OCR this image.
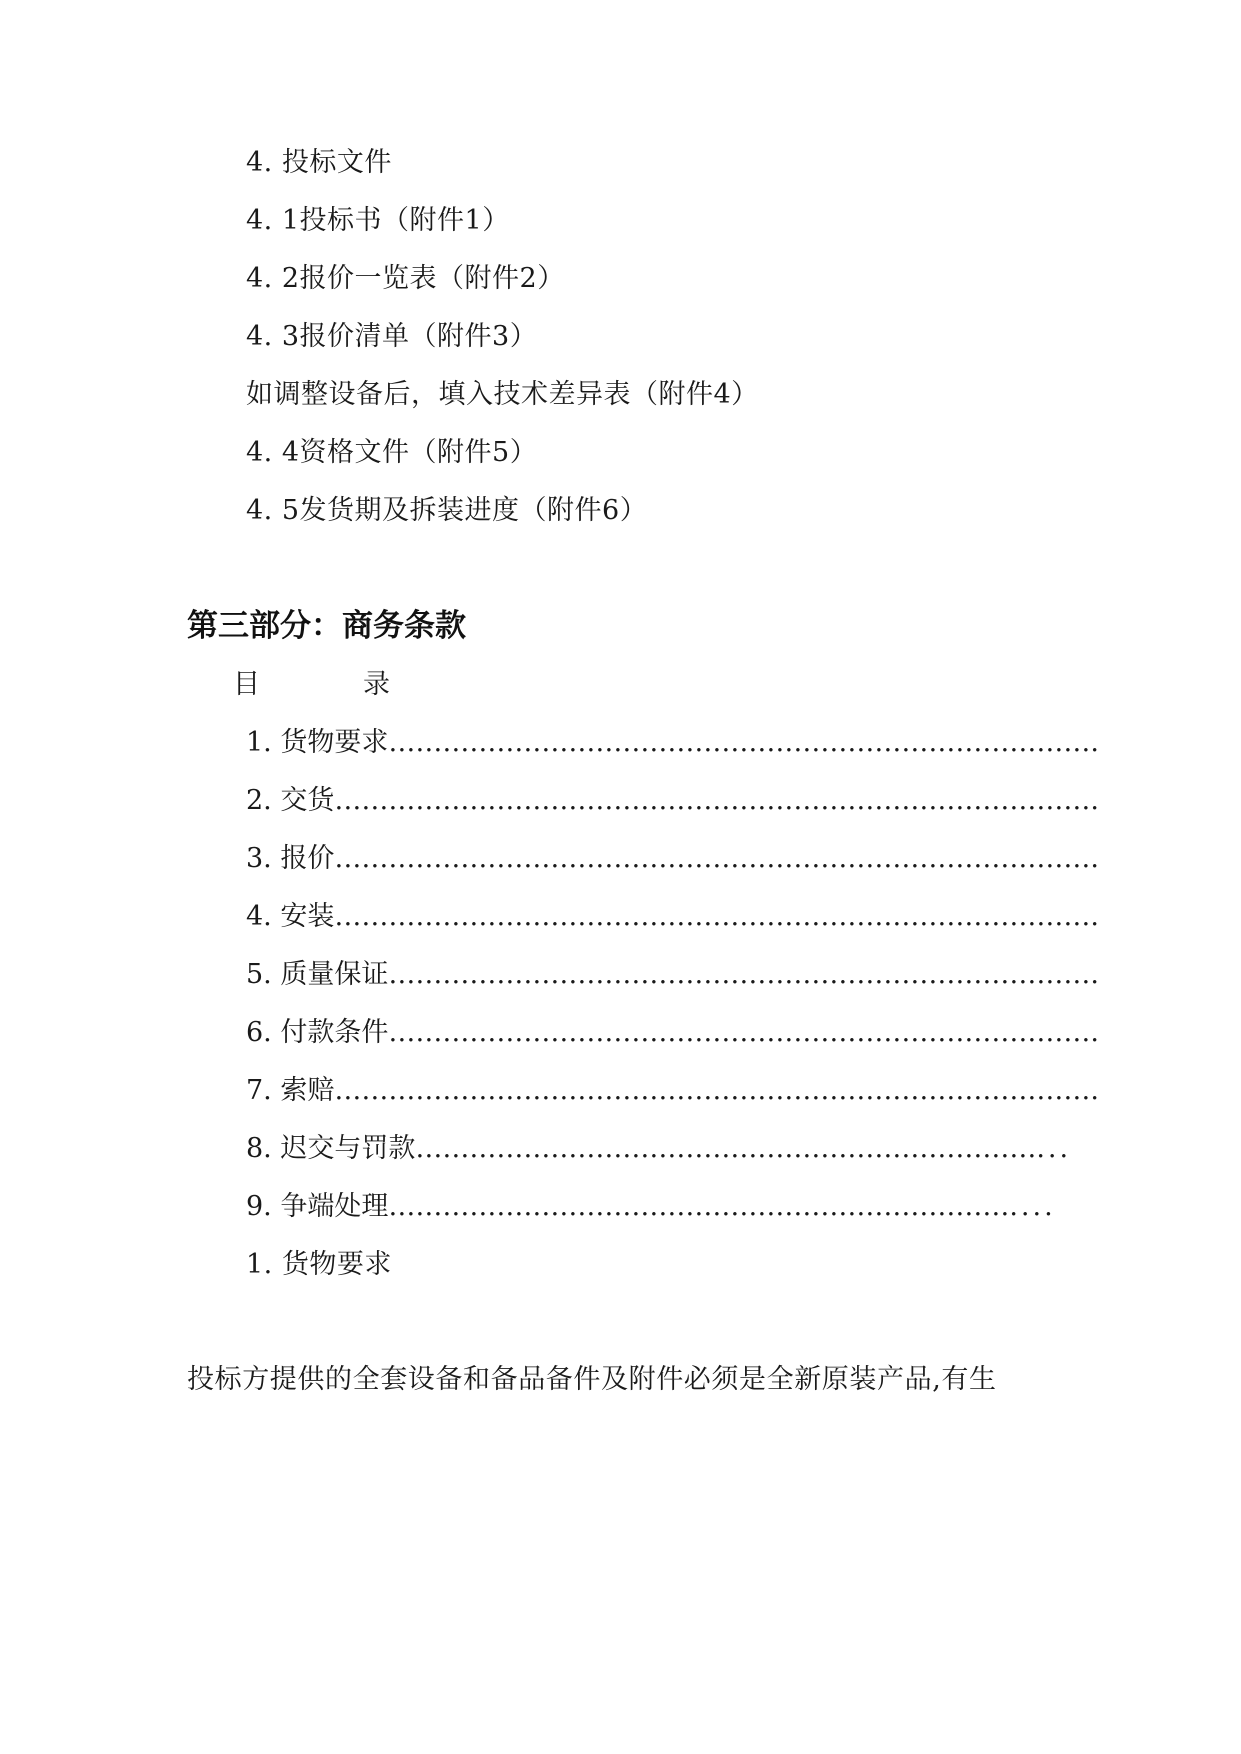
4. 投标文件
4. 1投标书（附件1）
4. 2报价一览表（附件2）
4. 3报价清单（附件3）
如调整设备后，填入技术差异表（附件4）
4. 4资格文件（附件5）
4. 5发货期及拆装进度（附件6）
第三部分：商务条款
目	录
1. 货物要求 …………………………………………………………………… .
2. 交货 ………………………………………………………………………… .
3. 报价 ………………………………………………………………………… .
4. 安装 ………………………………………………………………………… .
5. 质量保证 …………………………………………………………………… .
6. 付款条件 …………………………………………………………………… .
7. 索赔 ………………………………………………………………………… .
8. 迟交与罚款 …………………………………………………………… ...
9. 争端处理 …………………………………………………………… ....
1. 货物要求
投标方提供的全套设备和备品备件及附件必须是全新原装产品,有生
